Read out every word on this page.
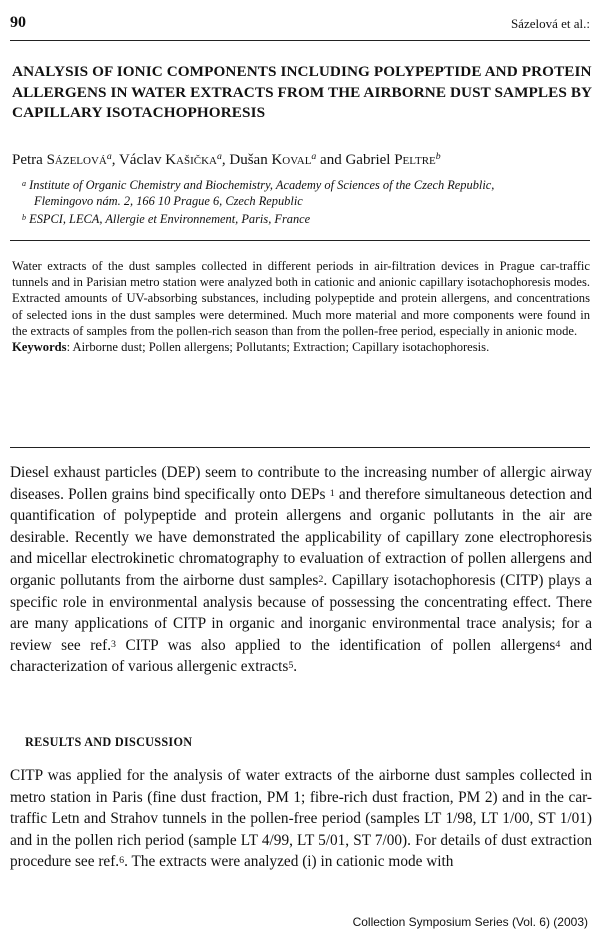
90	Sázelová et al.:
ANALYSIS OF IONIC COMPONENTS INCLUDING POLYPEPTIDE AND PROTEIN ALLERGENS IN WATER EXTRACTS FROM THE AIRBORNE DUST SAMPLES BY CAPILLARY ISOTACHOPHORESIS
Petra Sázelová$^a$, Václav Kašička$^a$, Dušan Koval$^a$ and Gabriel Peltre$^b$
$^a$ Institute of Organic Chemistry and Biochemistry, Academy of Sciences of the Czech Republic,
Flemingovo nám. 2, 166 10 Prague 6, Czech Republic
$^b$ ESPCI, LECA, Allergie et Environnement, Paris, France

Water extracts of the dust samples collected in different periods in air-filtration devices in Prague car-traffic tunnels and in Parisian metro station were analyzed both in cationic and anionic capillary isotachophoresis modes. Extracted amounts of UV-absorbing substances, including polypeptide and protein allergens, and concentrations of selected ions in the dust samples were determined. Much more material and more components were found in the extracts of samples from the pollen-rich season than from the pollen-free period, especially in anionic mode.

Keywords: Airborne dust; Pollen allergens; Pollutants; Extraction; Capillary isotachophoresis.

Diesel exhaust particles (DEP) seem to contribute to the increasing number of allergic airway diseases. Pollen grains bind specifically onto DEPs $^1$ and therefore simultaneous detection and quantification of polypeptide and protein allergens and organic pollutants in the air are desirable. Recently we have demonstrated the applicability of capillary zone electrophoresis and micellar electrokinetic chromatography to evaluation of extraction of pollen allergens and organic pollutants from the airborne dust samples$^2$. Capillary isotachophoresis (CITP) plays a specific role in environmental analysis because of possessing the concentrating effect. There are many applications of CITP in organic and inorganic environmental trace analysis; for a review see ref.$^3$ CITP was also applied to the identification of pollen allergens$^4$ and characterization of various allergenic extracts$^5$.

RESULTS AND DISCUSSION

CITP was applied for the analysis of water extracts of the airborne dust samples collected in metro station in Paris (fine dust fraction, PM 1; fibre-rich dust fraction, PM 2) and in the car-traffic Letn and Strahov tunnels in the pollen-free period (samples LT 1/98, LT 1/00, ST 1/01) and in the pollen rich period (sample LT 4/99, LT 5/01, ST 7/00). For details of dust extraction procedure see ref.$^6$. The extracts were analyzed (i) in cationic mode with

Collection Symposium Series (Vol. 6) (2003)
